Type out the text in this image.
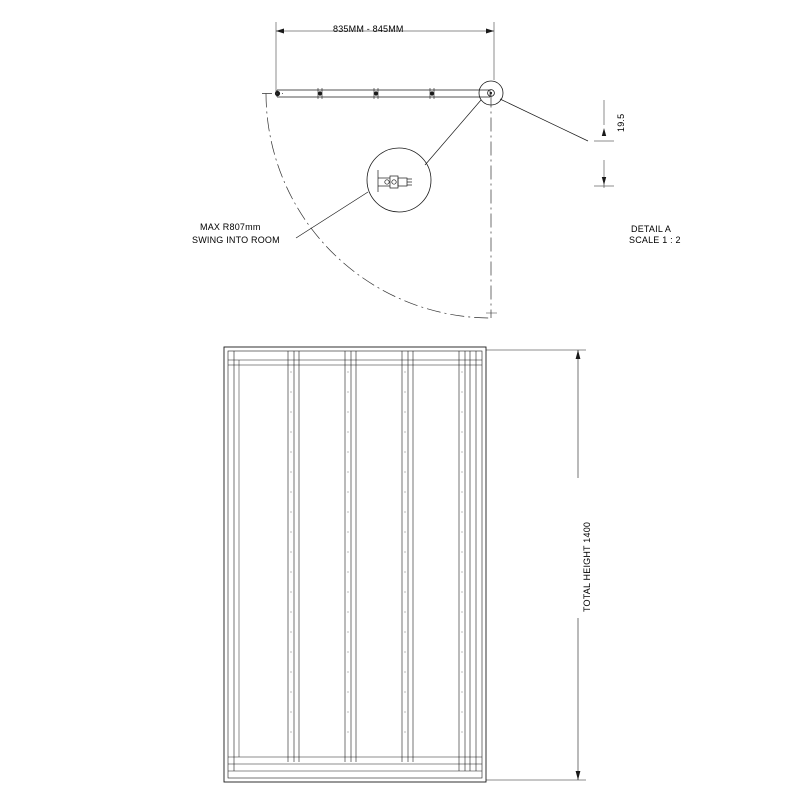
835MM - 845MM
MAX R807mm
SWING INTO ROOM
19.5
DETAIL A
SCALE 1 : 2
TOTAL HEIGHT 1400
